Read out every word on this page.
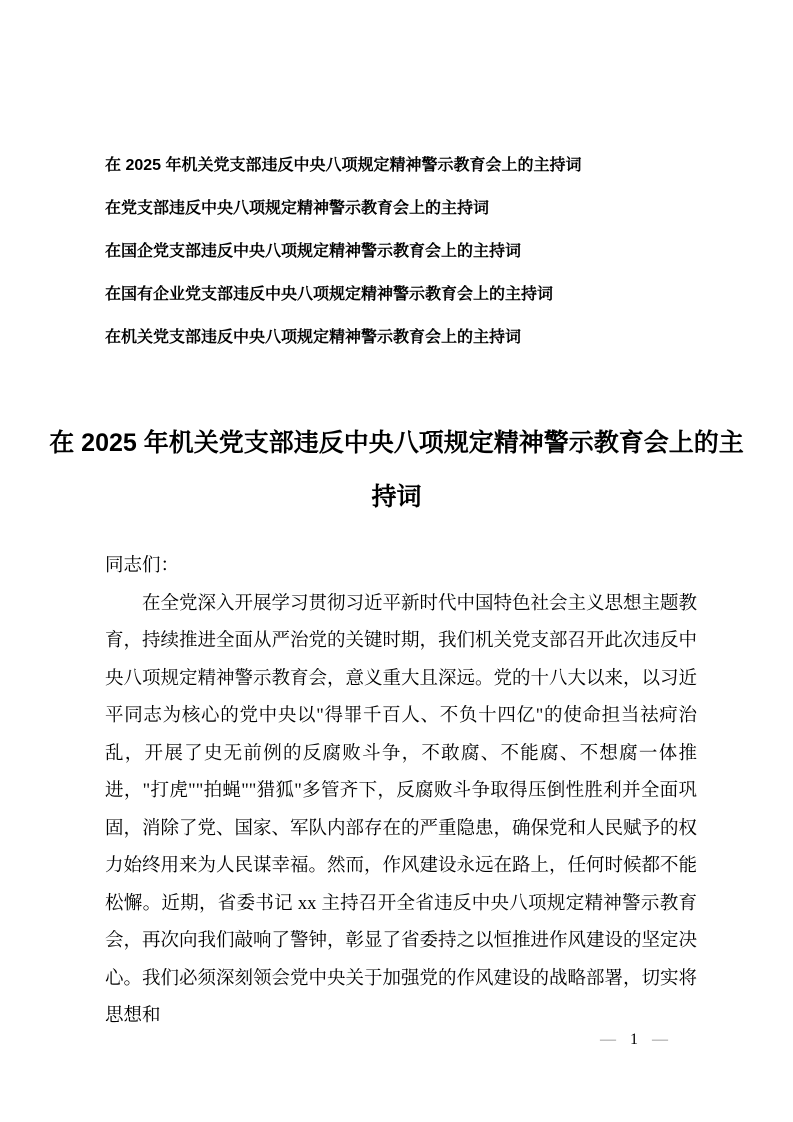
在 2025 年机关党支部违反中央八项规定精神警示教育会上的主持词

在党支部违反中央八项规定精神警示教育会上的主持词

在国企党支部违反中央八项规定精神警示教育会上的主持词

在国有企业党支部违反中央八项规定精神警示教育会上的主持词

在机关党支部违反中央八项规定精神警示教育会上的主持词

在 2025 年机关党支部违反中央八项规定精神警示教育会上的主持词

同志们：

在全党深入开展学习贯彻习近平新时代中国特色社会主义思想主题教育，持续推进全面从严治党的关键时期，我们机关党支部召开此次违反中央八项规定精神警示教育会，意义重大且深远。党的十八大以来，以习近平同志为核心的党中央以"得罪千百人、不负十四亿"的使命担当祛疴治乱，开展了史无前例的反腐败斗争，不敢腐、不能腐、不想腐一体推进，"打虎""拍蝇""猎狐"多管齐下，反腐败斗争取得压倒性胜利并全面巩固，消除了党、国家、军队内部存在的严重隐患，确保党和人民赋予的权力始终用来为人民谋幸福。然而，作风建设永远在路上，任何时候都不能松懈。近期，省委书记 xx 主持召开全省违反中央八项规定精神警示教育会，再次向我们敲响了警钟，彰显了省委持之以恒推进作风建设的坚定决心。我们必须深刻领会党中央关于加强党的作风建设的战略部署，切实将思想和

— 1 —
